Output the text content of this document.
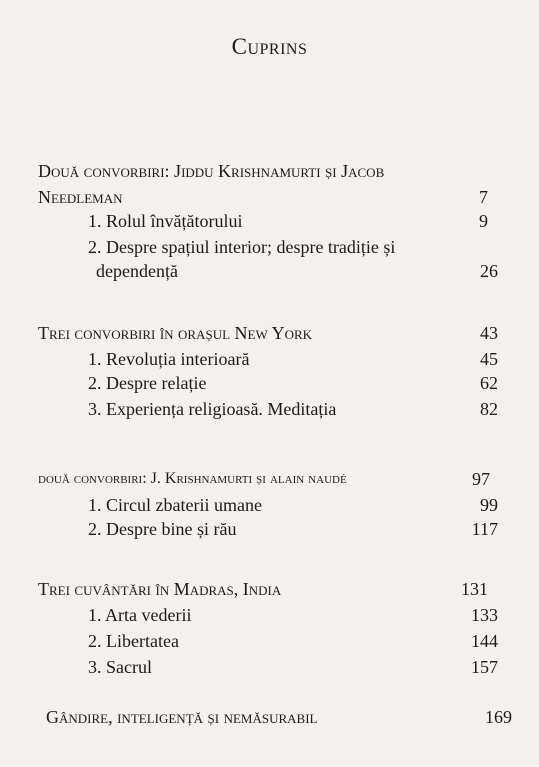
Cuprins
Două convorbiri: Jiddu Krishnamurti și Jacob
Needleman	7
1. Rolul învățătorului	9
2. Despre spațiul interior; despre tradiție și
dependență	26
Trei convorbiri în orașul New York	43
1. Revoluția interioară	45
2. Despre relație	62
3. Experiența religioasă. Meditația	82
două convorbiri: J. Krishnamurti și alain naudé	97
1. Circul zbaterii umane	99
2. Despre bine și rău	117
Trei cuvântări în Madras, India	131
1. Arta vederii	133
2. Libertatea	144
3. Sacrul	157
Gândire, inteligență și nemăsurabil	169
